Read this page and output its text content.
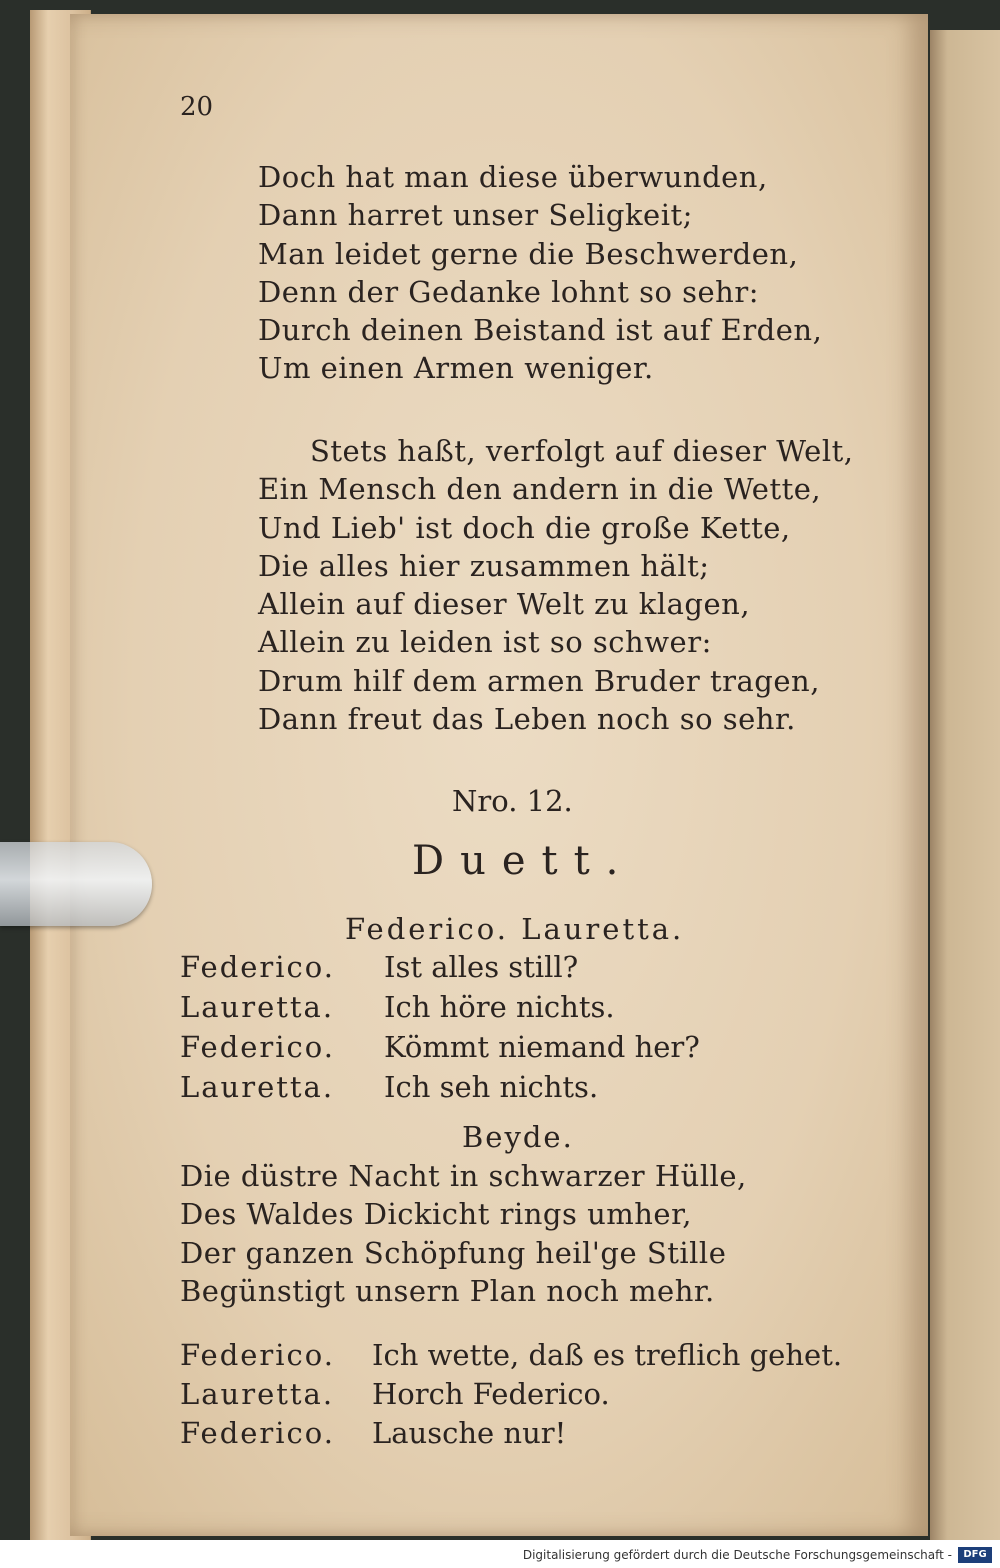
20
Doch hat man diese überwunden,
Dann harret unser Seligkeit;
Man leidet gerne die Beschwerden,
Denn der Gedanke lohnt so sehr:
Durch deinen Beistand ist auf Erden,
Um einen Armen weniger.
Stets haßt, verfolgt auf dieser Welt,
Ein Mensch den andern in die Wette,
Und Lieb' ist doch die große Kette,
Die alles hier zusammen hält;
Allein auf dieser Welt zu klagen,
Allein zu leiden ist so schwer:
Drum hilf dem armen Bruder tragen,
Dann freut das Leben noch so sehr.
Nro. 12.
Duett.
Federico. Lauretta.
Federico.	Ist alles still?
Lauretta.	Ich höre nichts.
Federico.	Kömmt niemand her?
Lauretta.	Ich seh nichts.
Beyde.
Die düstre Nacht in schwarzer Hülle,
Des Waldes Dickicht rings umher,
Der ganzen Schöpfung heil'ge Stille
Begünstigt unsern Plan noch mehr.
Federico.	Ich wette, daß es treflich gehet.
Lauretta.	Horch Federico.
Federico.	Lausche nur!
Digitalisierung gefördert durch die Deutsche Forschungsgemeinschaft -	DFG
